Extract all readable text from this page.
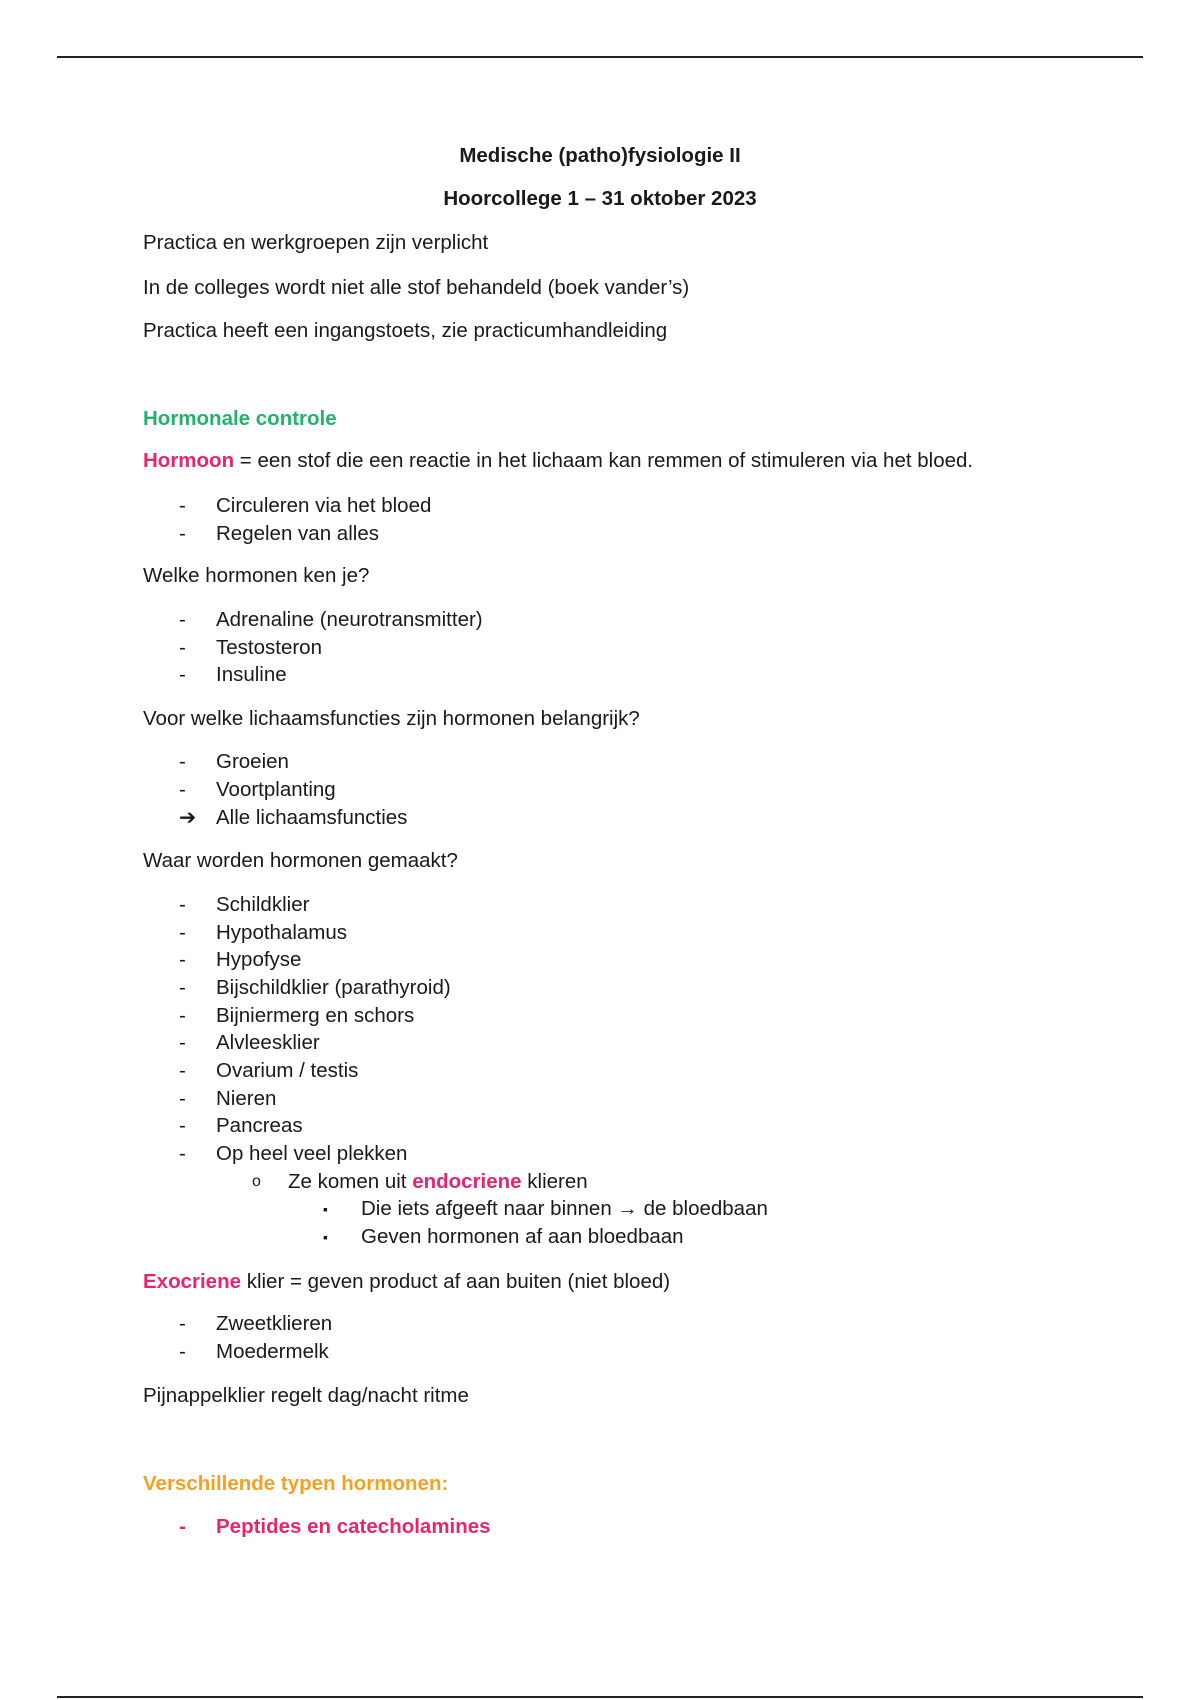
Medische (patho)fysiologie II
Hoorcollege 1 – 31 oktober 2023
Practica en werkgroepen zijn verplicht
In de colleges wordt niet alle stof behandeld (boek vander’s)
Practica heeft een ingangstoets, zie practicumhandleiding
Hormonale controle
Hormoon = een stof die een reactie in het lichaam kan remmen of stimuleren via het bloed.
-	Circuleren via het bloed
-	Regelen van alles
Welke hormonen ken je?
-	Adrenaline (neurotransmitter)
-	Testosteron
-	Insuline
Voor welke lichaamsfuncties zijn hormonen belangrijk?
-	Groeien
-	Voortplanting
➔ Alle lichaamsfuncties
Waar worden hormonen gemaakt?
-	Schildklier
-	Hypothalamus
-	Hypofyse
-	Bijschildklier (parathyroid)
-	Bijniermerg en schors
-	Alvleesklier
-	Ovarium / testis
-	Nieren
-	Pancreas
-	Op heel veel plekken
o Ze komen uit endocriene klieren
▪ Die iets afgeeft naar binnen → de bloedbaan
▪ Geven hormonen af aan bloedbaan
Exocriene klier = geven product af aan buiten (niet bloed)
-	Zweetklieren
-	Moedermelk
Pijnappelklier regelt dag/nacht ritme
Verschillende typen hormonen:
-	Peptides en catecholamines
